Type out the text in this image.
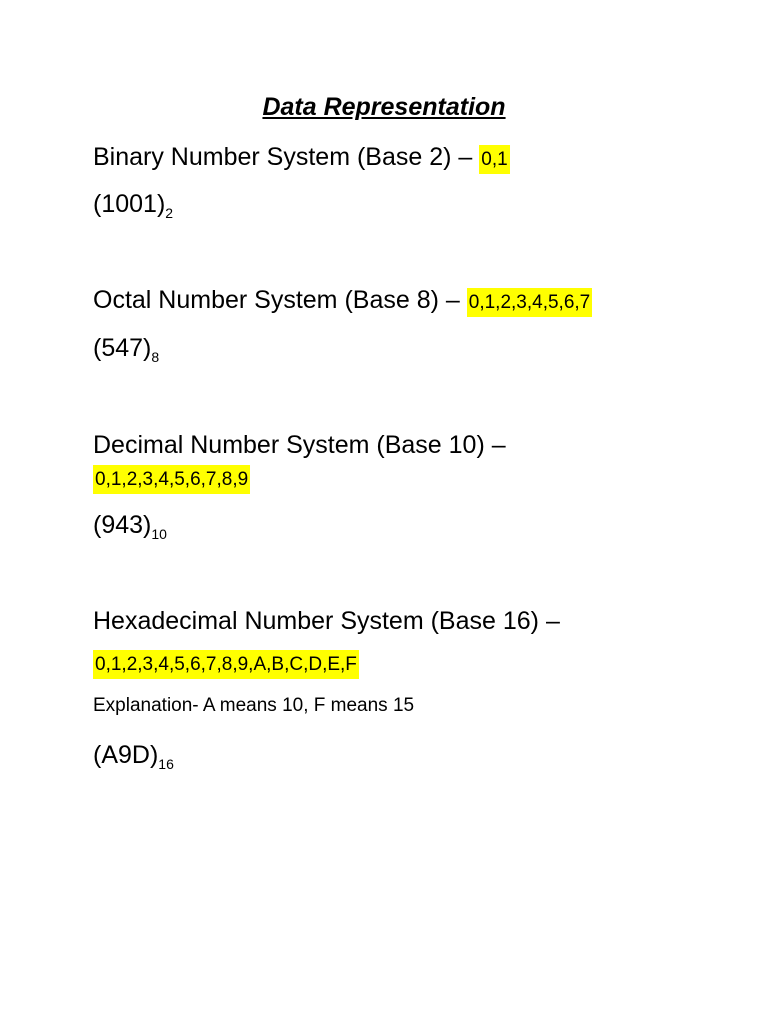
Data Representation
Binary Number System (Base 2) – 0,1
$(1001)_2$
Octal Number System (Base 8) – 0,1,2,3,4,5,6,7
$(547)_8$
Decimal Number System (Base 10) –
0,1,2,3,4,5,6,7,8,9
$(943)_{10}$
Hexadecimal Number System (Base 16) –
0,1,2,3,4,5,6,7,8,9,A,B,C,D,E,F
Explanation- A means 10, F means 15
$(A9D)_{16}$
